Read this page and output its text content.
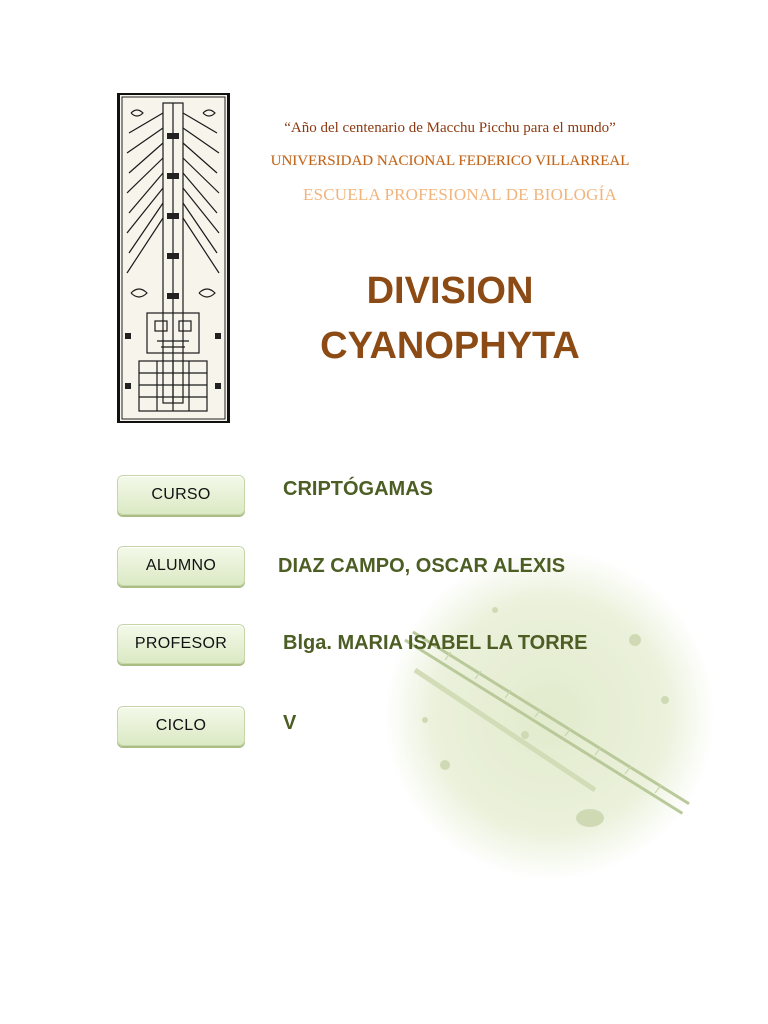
“Año del centenario de Macchu Picchu para el mundo”
UNIVERSIDAD NACIONAL FEDERICO VILLARREAL
ESCUELA PROFESIONAL DE BIOLOGÍA
DIVISION
CYANOPHYTA
CURSO	CRIPTÓGAMAS
ALUMNO	DIAZ CAMPO, OSCAR ALEXIS
PROFESOR	Blga. MARIA ISABEL LA TORRE
CICLO	V
